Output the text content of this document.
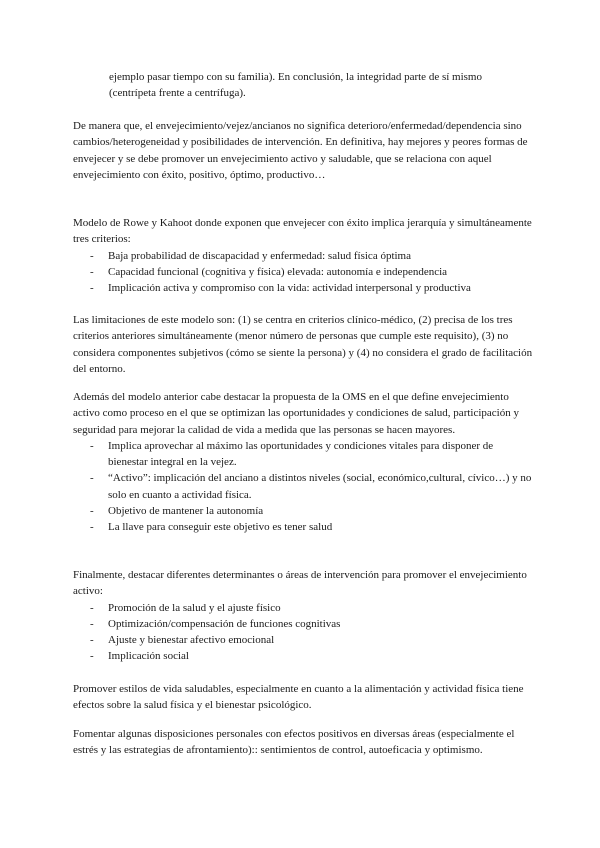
ejemplo pasar tiempo con su familia). En conclusión, la integridad parte de sí mismo (centrípeta frente a centrífuga).

De manera que, el envejecimiento/vejez/ancianos no significa deterioro/enfermedad/dependencia sino cambios/heterogeneidad y posibilidades de intervención. En definitiva, hay mejores y peores formas de envejecer y se debe promover un envejecimiento activo y saludable, que se relaciona con aquel envejecimiento con éxito, positivo, óptimo, productivo…

Modelo de Rowe y Kahoot donde exponen que envejecer con éxito implica jerarquía y simultáneamente tres criterios:

- Baja probabilidad de discapacidad y enfermedad: salud física óptima
- Capacidad funcional (cognitiva y física) elevada: autonomía e independencia
- Implicación activa y compromiso con la vida: actividad interpersonal y productiva

Las limitaciones de este modelo son: (1) se centra en criterios clínico-médico, (2) precisa de los tres criterios anteriores simultáneamente (menor número de personas que cumple este requisito), (3) no considera componentes subjetivos (cómo se siente la persona) y (4) no considera el grado de facilitación del entorno.

Además del modelo anterior cabe destacar la propuesta de la OMS en el que define envejecimiento activo como proceso en el que se optimizan las oportunidades y condiciones de salud, participación y seguridad para mejorar la calidad de vida a medida que las personas se hacen mayores.

- Implica aprovechar al máximo las oportunidades y condiciones vitales para disponer de bienestar integral en la vejez.
- “Activo”: implicación del anciano a distintos niveles (social, económico,cultural, cívico…) y no solo en cuanto a actividad física.
- Objetivo de mantener la autonomía
- La llave para conseguir este objetivo es tener salud

Finalmente, destacar diferentes determinantes o áreas de intervención para promover el envejecimiento activo:

- Promoción de la salud y el ajuste físico
- Optimización/compensación de funciones cognitivas
- Ajuste y bienestar afectivo emocional
- Implicación social

Promover estilos de vida saludables, especialmente en cuanto a la alimentación y actividad física tiene efectos sobre la salud física y el bienestar psicológico.

Fomentar algunas disposiciones personales con efectos positivos en diversas áreas (especialmente el estrés y las estrategias de afrontamiento):: sentimientos de control, autoeficacia y optimismo.
